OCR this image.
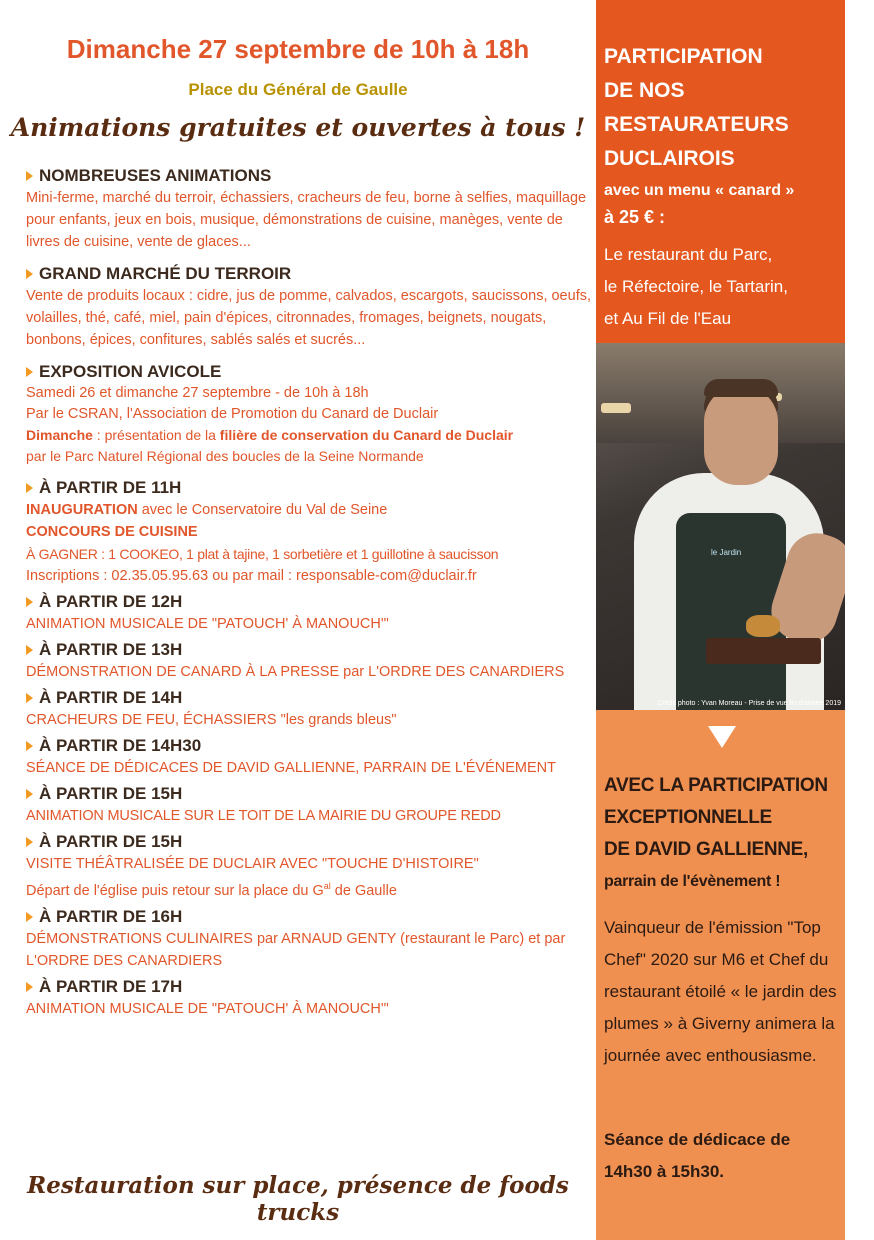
Dimanche 27 septembre de 10h à 18h
Place du Général de Gaulle
Animations gratuites et ouvertes à tous !
NOMBREUSES ANIMATIONS

Mini-ferme, marché du terroir, échassiers, cracheurs de feu, borne à selfies, maquillage pour enfants, jeux en bois, musique, démonstrations de cuisine, manèges, vente de livres de cuisine, vente de glaces...

GRAND MARCHÉ DU TERROIR

Vente de produits locaux : cidre, jus de pomme, calvados, escargots, saucissons, oeufs, volailles, thé, café, miel, pain d'épices, citronnades, fromages, beignets, nougats, bonbons, épices, confitures, sablés salés et sucrés...

EXPOSITION AVICOLE

Samedi 26 et dimanche 27 septembre - de 10h à 18h
Par le CSRAN, l'Association de Promotion du Canard de Duclair

Dimanche : présentation de la filière de conservation du Canard de Duclair
par le Parc Naturel Régional des boucles de la Seine Normande

À PARTIR DE 11H

INAUGURATION avec le Conservatoire du Val de Seine

CONCOURS DE CUISINE

À GAGNER : 1 COOKEO, 1 plat à tajine, 1 sorbetière et 1 guillotine à saucisson

Inscriptions : 02.35.05.95.63 ou par mail : responsable-com@duclair.fr

À PARTIR DE 12H

ANIMATION MUSICALE DE "PATOUCH' À MANOUCH'"

À PARTIR DE 13H

DÉMONSTRATION DE CANARD À LA PRESSE par L'ORDRE DES CANARDIERS

À PARTIR DE 14H

CRACHEURS DE FEU, ÉCHASSIERS "les grands bleus"

À PARTIR DE 14H30

SÉANCE DE DÉDICACES DE DAVID GALLIENNE, PARRAIN DE L'ÉVÉNEMENT

À PARTIR DE 15H

ANIMATION MUSICALE SUR LE TOIT DE LA MAIRIE DU GROUPE REDD

À PARTIR DE 15H

VISITE THÉÂTRALISÉE DE DUCLAIR AVEC "TOUCHE D'HISTOIRE"

Départ de l'église puis retour sur la place du $G^{al}$ de Gaulle

À PARTIR DE 16H

DÉMONSTRATIONS CULINAIRES par ARNAUD GENTY (restaurant le Parc) et par L'ORDRE DES CANARDIERS

À PARTIR DE 17H

ANIMATION MUSICALE DE "PATOUCH' À MANOUCH'"

Restauration sur place, présence de foods trucks
PARTICIPATION
DE NOS
RESTAURATEURS
DUCLAIROIS
avec un menu « canard »
à 25 € :
Le restaurant du Parc,
le Réfectoire, le Tartarin,
et Au Fil de l'Eau
le Jardin
Crédit photo : Yvan Moreau - Prise de vue fin d'année 2019
AVEC LA PARTICIPATION
EXCEPTIONNELLE
DE DAVID GALLIENNE,
parrain de l'évènement !
Vainqueur de l'émission "Top Chef" 2020 sur M6 et Chef du restaurant étoilé « le jardin des plumes » à Giverny animera la journée avec enthousiasme.
Séance de dédicace de 14h30 à 15h30.
